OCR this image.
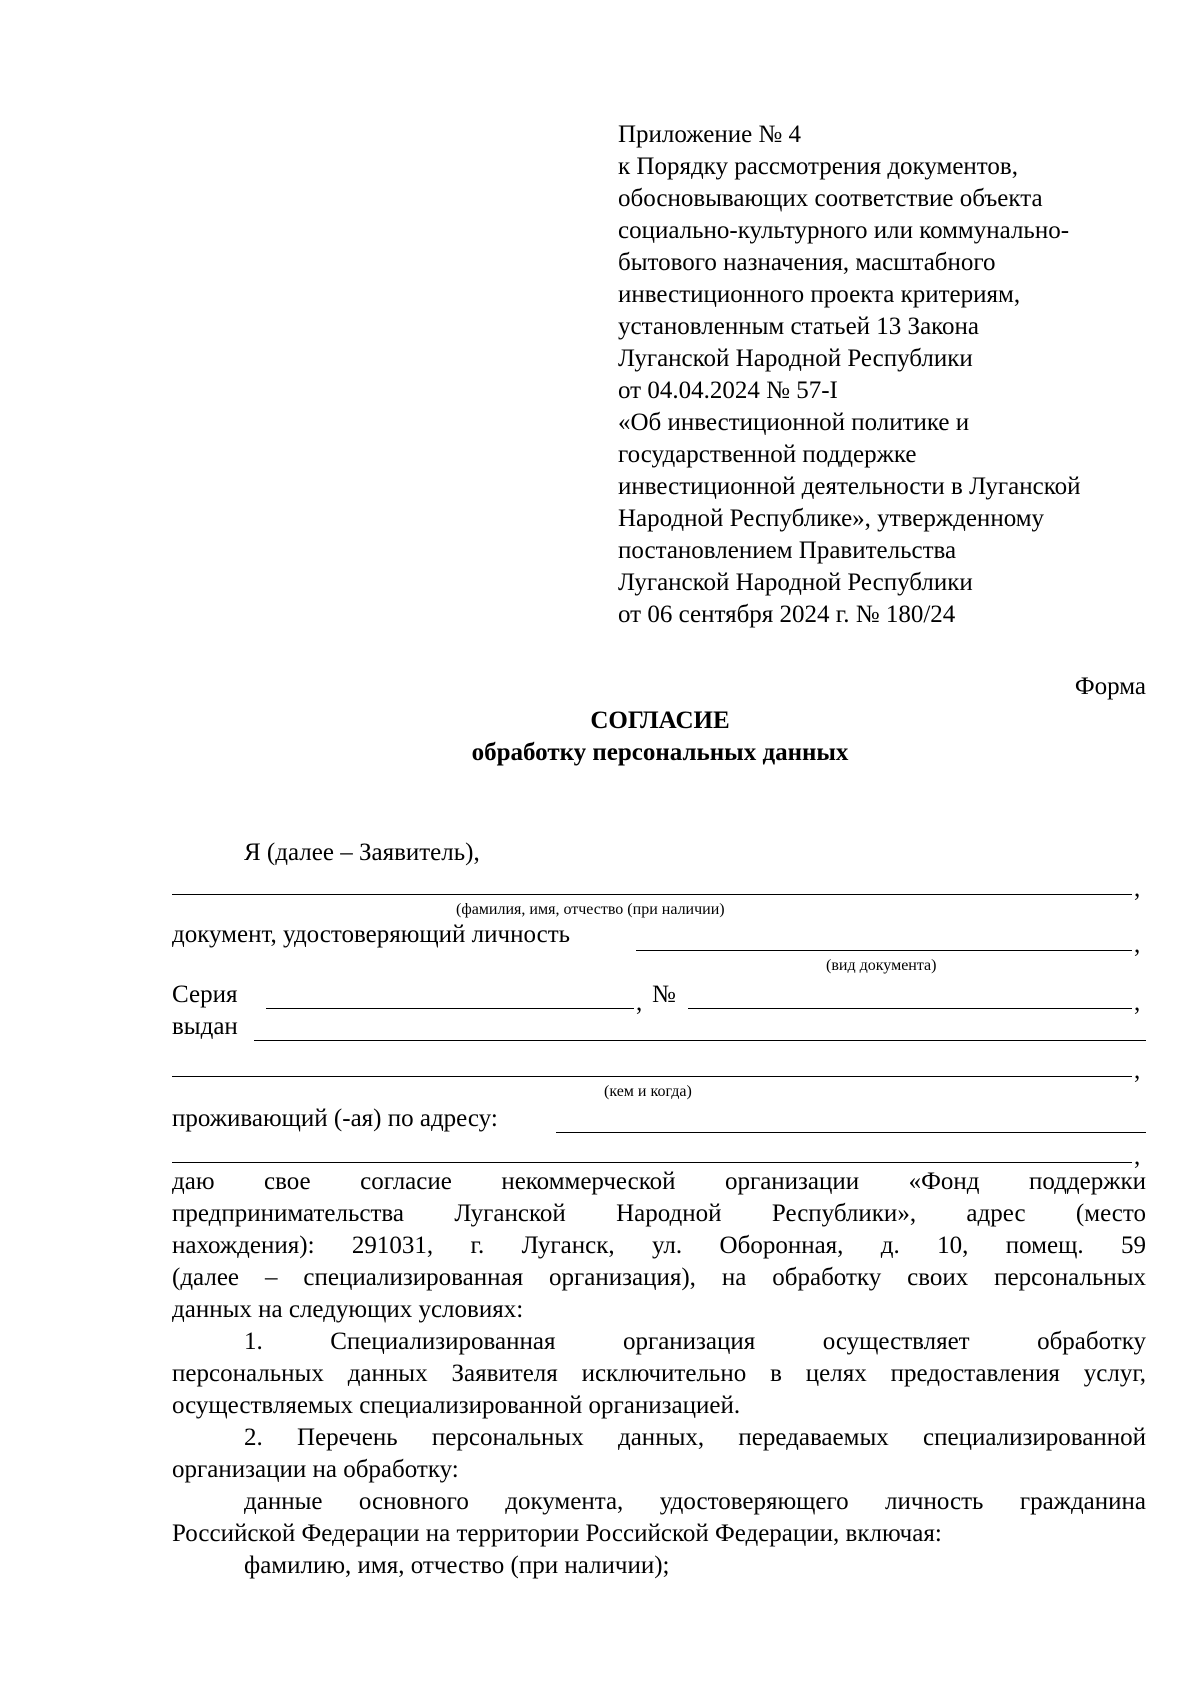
Приложение № 4
к Порядку рассмотрения документов,
обосновывающих соответствие объекта
социально-культурного или коммунально-
бытового назначения, масштабного
инвестиционного проекта критериям,
установленным статьей 13 Закона
Луганской Народной Республики
от 04.04.2024 № 57-I
«Об инвестиционной политике и
государственной поддержке
инвестиционной деятельности в Луганской
Народной Республике», утвержденному
постановлением Правительства
Луганской Народной Республики
от 06 сентября 2024 г. № 180/24
Форма
СОГЛАСИЕ
обработку персональных данных
Я (далее – Заявитель),
,
(фамилия, имя, отчество (при наличии)
документ, удостоверяющий личность	,
(вид документа)
Серия	, №	,
выдан
,
(кем и когда)
проживающий (-ая) по адресу:
,
даю свое согласие некоммерческой организации «Фонд поддержки
предпринимательства Луганской Народной Республики», адрес (место
нахождения): 291031, г. Луганск, ул. Оборонная, д. 10, помещ. 59
(далее – специализированная организация), на обработку своих персональных
данных на следующих условиях:
1. Специализированная организация осуществляет обработку
персональных данных Заявителя исключительно в целях предоставления услуг,
осуществляемых специализированной организацией.
2. Перечень персональных данных, передаваемых специализированной
организации на обработку:
данные основного документа, удостоверяющего личность гражданина
Российской Федерации на территории Российской Федерации, включая:
фамилию, имя, отчество (при наличии);
